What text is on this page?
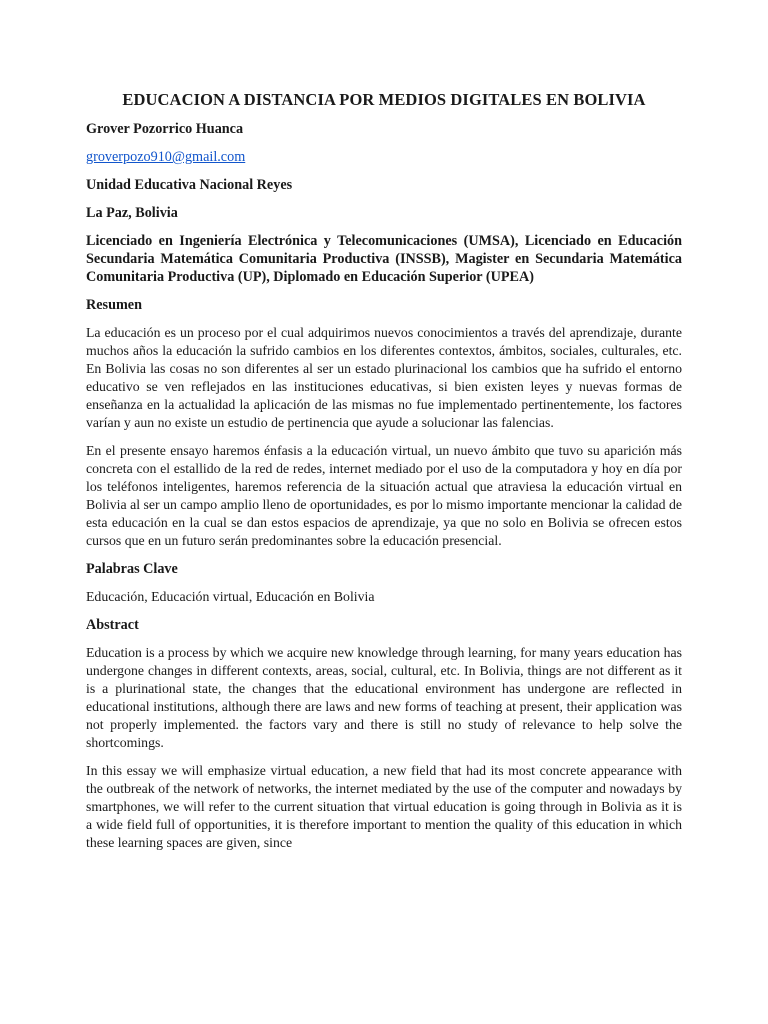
EDUCACION A DISTANCIA POR MEDIOS DIGITALES EN BOLIVIA
Grover Pozorrico Huanca
groverpozo910@gmail.com
Unidad Educativa Nacional Reyes
La Paz, Bolivia
Licenciado en Ingeniería Electrónica y Telecomunicaciones (UMSA), Licenciado en Educación Secundaria Matemática Comunitaria Productiva (INSSB), Magister en Secundaria Matemática Comunitaria Productiva (UP), Diplomado en Educación Superior (UPEA)
Resumen
La educación es un proceso por el cual adquirimos nuevos conocimientos a través del aprendizaje, durante muchos años la educación la sufrido cambios en los diferentes contextos, ámbitos, sociales, culturales, etc. En Bolivia las cosas no son diferentes al ser un estado plurinacional los cambios que ha sufrido el entorno educativo se ven reflejados en las instituciones educativas, si bien existen leyes y nuevas formas de enseñanza en la actualidad la aplicación de las mismas no fue implementado pertinentemente, los factores varían y aun no existe un estudio de pertinencia que ayude a solucionar las falencias.
En el presente ensayo haremos énfasis a la educación virtual, un nuevo ámbito que tuvo su aparición más concreta con el estallido de la red de redes, internet mediado por el uso de la computadora y hoy en día por los teléfonos inteligentes, haremos referencia de la situación actual que atraviesa la educación virtual en Bolivia al ser un campo amplio lleno de oportunidades, es por lo mismo importante mencionar la calidad de esta educación en la cual se dan estos espacios de aprendizaje, ya que no solo en Bolivia se ofrecen estos cursos que en un futuro serán predominantes sobre la educación presencial.
Palabras Clave
Educación, Educación virtual, Educación en Bolivia
Abstract
Education is a process by which we acquire new knowledge through learning, for many years education has undergone changes in different contexts, areas, social, cultural, etc. In Bolivia, things are not different as it is a plurinational state, the changes that the educational environment has undergone are reflected in educational institutions, although there are laws and new forms of teaching at present, their application was not properly implemented. the factors vary and there is still no study of relevance to help solve the shortcomings.
In this essay we will emphasize virtual education, a new field that had its most concrete appearance with the outbreak of the network of networks, the internet mediated by the use of the computer and nowadays by smartphones, we will refer to the current situation that virtual education is going through in Bolivia as it is a wide field full of opportunities, it is therefore important to mention the quality of this education in which these learning spaces are given, since
